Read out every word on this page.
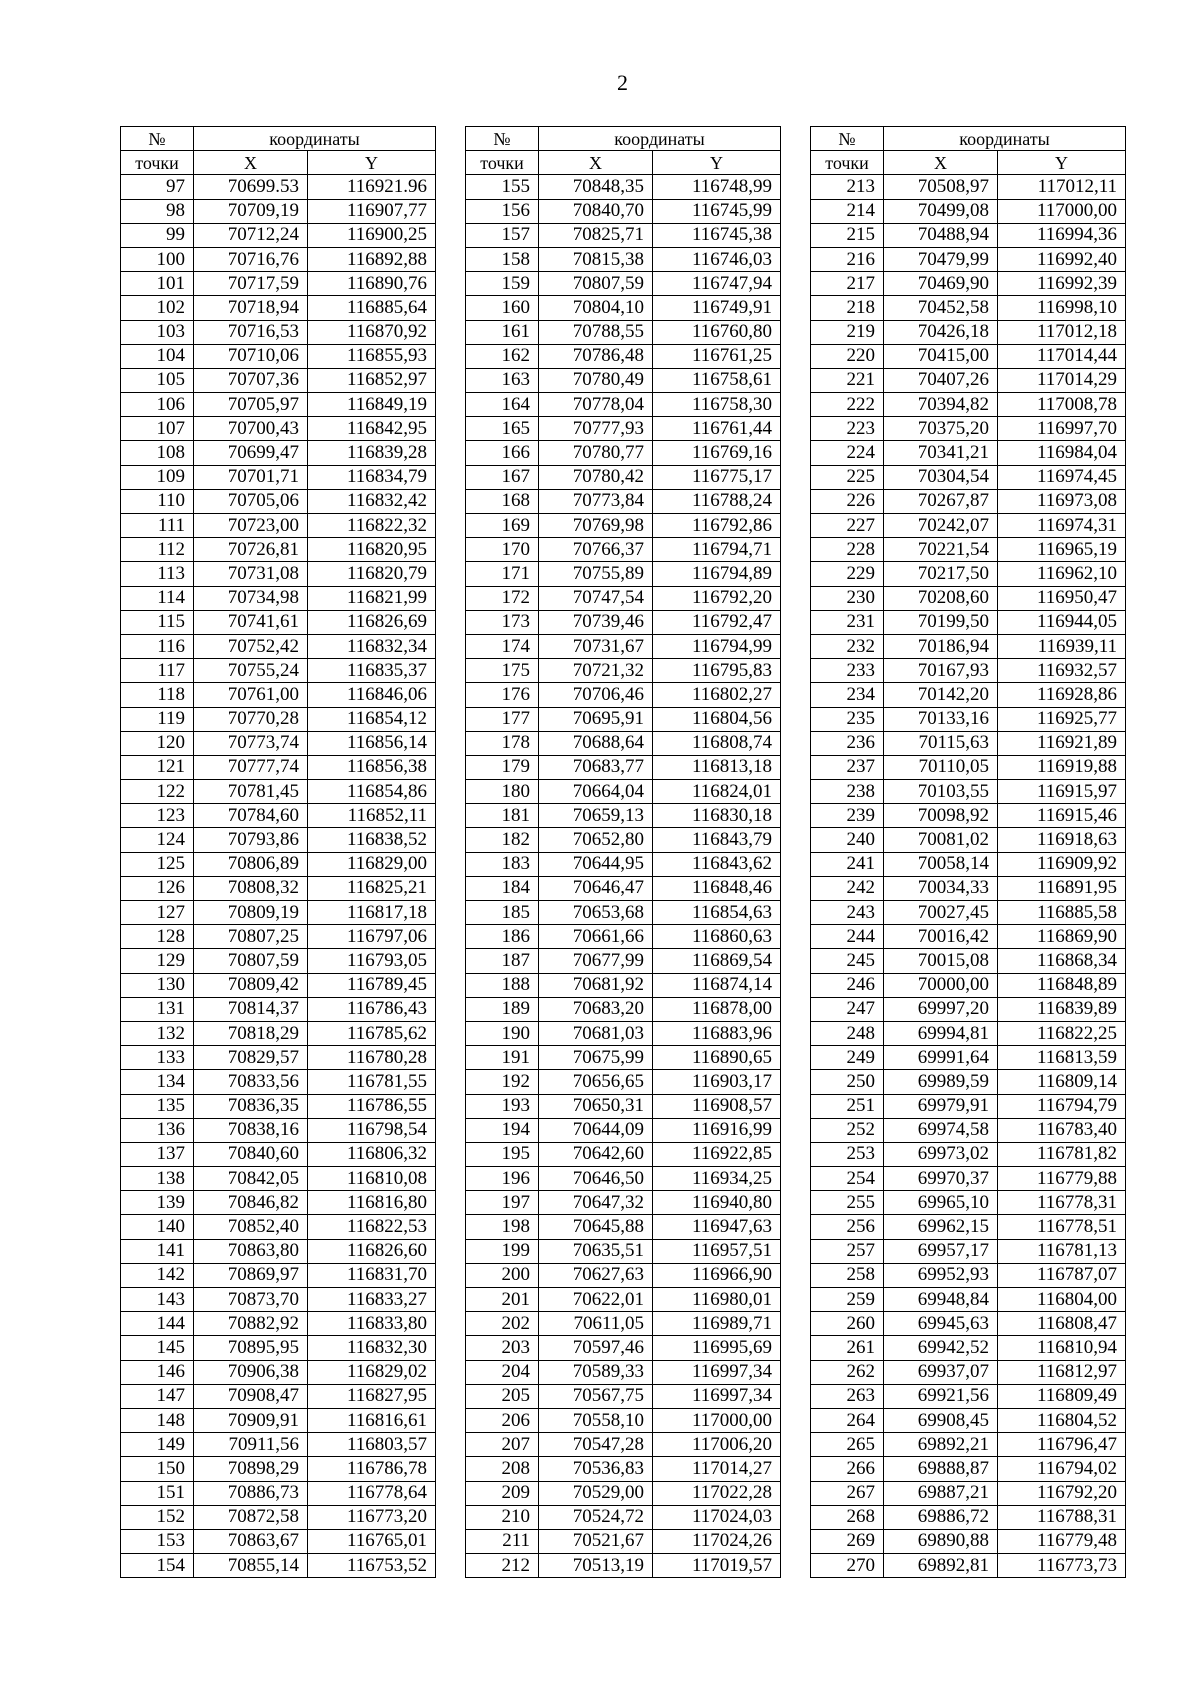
2
№	координаты	
точки	X	Y
97	70699.53	116921.96
98	70709,19	116907,77
99	70712,24	116900,25
100	70716,76	116892,88
101	70717,59	116890,76
102	70718,94	116885,64
103	70716,53	116870,92
104	70710,06	116855,93
105	70707,36	116852,97
106	70705,97	116849,19
107	70700,43	116842,95
108	70699,47	116839,28
109	70701,71	116834,79
110	70705,06	116832,42
111	70723,00	116822,32
112	70726,81	116820,95
113	70731,08	116820,79
114	70734,98	116821,99
115	70741,61	116826,69
116	70752,42	116832,34
117	70755,24	116835,37
118	70761,00	116846,06
119	70770,28	116854,12
120	70773,74	116856,14
121	70777,74	116856,38
122	70781,45	116854,86
123	70784,60	116852,11
124	70793,86	116838,52
125	70806,89	116829,00
126	70808,32	116825,21
127	70809,19	116817,18
128	70807,25	116797,06
129	70807,59	116793,05
130	70809,42	116789,45
131	70814,37	116786,43
132	70818,29	116785,62
133	70829,57	116780,28
134	70833,56	116781,55
135	70836,35	116786,55
136	70838,16	116798,54
137	70840,60	116806,32
138	70842,05	116810,08
139	70846,82	116816,80
140	70852,40	116822,53
141	70863,80	116826,60
142	70869,97	116831,70
143	70873,70	116833,27
144	70882,92	116833,80
145	70895,95	116832,30
146	70906,38	116829,02
147	70908,47	116827,95
148	70909,91	116816,61
149	70911,56	116803,57
150	70898,29	116786,78
151	70886,73	116778,64
152	70872,58	116773,20
153	70863,67	116765,01
154	70855,14	116753,52
№	координаты	
точки	X	Y
155	70848,35	116748,99
156	70840,70	116745,99
157	70825,71	116745,38
158	70815,38	116746,03
159	70807,59	116747,94
160	70804,10	116749,91
161	70788,55	116760,80
162	70786,48	116761,25
163	70780,49	116758,61
164	70778,04	116758,30
165	70777,93	116761,44
166	70780,77	116769,16
167	70780,42	116775,17
168	70773,84	116788,24
169	70769,98	116792,86
170	70766,37	116794,71
171	70755,89	116794,89
172	70747,54	116792,20
173	70739,46	116792,47
174	70731,67	116794,99
175	70721,32	116795,83
176	70706,46	116802,27
177	70695,91	116804,56
178	70688,64	116808,74
179	70683,77	116813,18
180	70664,04	116824,01
181	70659,13	116830,18
182	70652,80	116843,79
183	70644,95	116843,62
184	70646,47	116848,46
185	70653,68	116854,63
186	70661,66	116860,63
187	70677,99	116869,54
188	70681,92	116874,14
189	70683,20	116878,00
190	70681,03	116883,96
191	70675,99	116890,65
192	70656,65	116903,17
193	70650,31	116908,57
194	70644,09	116916,99
195	70642,60	116922,85
196	70646,50	116934,25
197	70647,32	116940,80
198	70645,88	116947,63
199	70635,51	116957,51
200	70627,63	116966,90
201	70622,01	116980,01
202	70611,05	116989,71
203	70597,46	116995,69
204	70589,33	116997,34
205	70567,75	116997,34
206	70558,10	117000,00
207	70547,28	117006,20
208	70536,83	117014,27
209	70529,00	117022,28
210	70524,72	117024,03
211	70521,67	117024,26
212	70513,19	117019,57
№	координаты	
точки	X	Y
213	70508,97	117012,11
214	70499,08	117000,00
215	70488,94	116994,36
216	70479,99	116992,40
217	70469,90	116992,39
218	70452,58	116998,10
219	70426,18	117012,18
220	70415,00	117014,44
221	70407,26	117014,29
222	70394,82	117008,78
223	70375,20	116997,70
224	70341,21	116984,04
225	70304,54	116974,45
226	70267,87	116973,08
227	70242,07	116974,31
228	70221,54	116965,19
229	70217,50	116962,10
230	70208,60	116950,47
231	70199,50	116944,05
232	70186,94	116939,11
233	70167,93	116932,57
234	70142,20	116928,86
235	70133,16	116925,77
236	70115,63	116921,89
237	70110,05	116919,88
238	70103,55	116915,97
239	70098,92	116915,46
240	70081,02	116918,63
241	70058,14	116909,92
242	70034,33	116891,95
243	70027,45	116885,58
244	70016,42	116869,90
245	70015,08	116868,34
246	70000,00	116848,89
247	69997,20	116839,89
248	69994,81	116822,25
249	69991,64	116813,59
250	69989,59	116809,14
251	69979,91	116794,79
252	69974,58	116783,40
253	69973,02	116781,82
254	69970,37	116779,88
255	69965,10	116778,31
256	69962,15	116778,51
257	69957,17	116781,13
258	69952,93	116787,07
259	69948,84	116804,00
260	69945,63	116808,47
261	69942,52	116810,94
262	69937,07	116812,97
263	69921,56	116809,49
264	69908,45	116804,52
265	69892,21	116796,47
266	69888,87	116794,02
267	69887,21	116792,20
268	69886,72	116788,31
269	69890,88	116779,48
270	69892,81	116773,73
